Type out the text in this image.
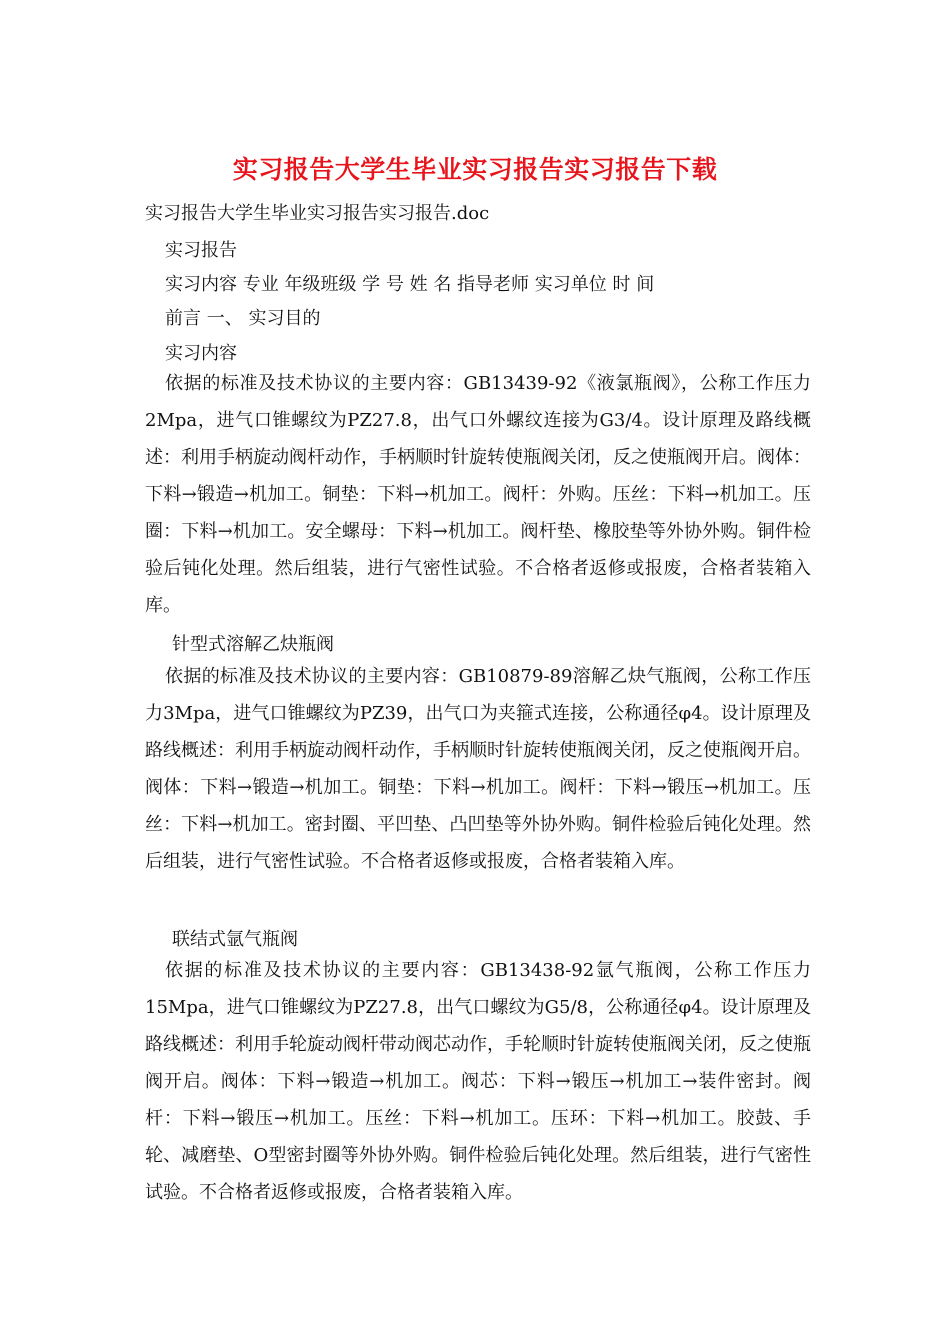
实习报告大学生毕业实习报告实习报告下载
实习报告大学生毕业实习报告实习报告.doc
实习报告
实习内容 专业 年级班级 学 号 姓 名 指导老师 实习单位 时 间
前言 一、 实习目的
实习内容
依据的标准及技术协议的主要内容：GB13439-92《液氯瓶阀》，公称工作压力2Mpa，进气口锥螺纹为PZ27.8，出气口外螺纹连接为G3/4。设计原理及路线概述：利用手柄旋动阀杆动作，手柄顺时针旋转使瓶阀关闭，反之使瓶阀开启。阀体：下料→锻造→机加工。铜垫：下料→机加工。阀杆：外购。压丝：下料→机加工。压圈：下料→机加工。安全螺母：下料→机加工。阀杆垫、橡胶垫等外协外购。铜件检验后钝化处理。然后组装，进行气密性试验。不合格者返修或报废，合格者装箱入库。
针型式溶解乙炔瓶阀
依据的标准及技术协议的主要内容：GB10879-89溶解乙炔气瓶阀，公称工作压力3Mpa，进气口锥螺纹为PZ39，出气口为夹箍式连接，公称通径φ4。设计原理及路线概述：利用手柄旋动阀杆动作，手柄顺时针旋转使瓶阀关闭，反之使瓶阀开启。阀体：下料→锻造→机加工。铜垫：下料→机加工。阀杆：下料→锻压→机加工。压丝：下料→机加工。密封圈、平凹垫、凸凹垫等外协外购。铜件检验后钝化处理。然后组装，进行气密性试验。不合格者返修或报废，合格者装箱入库。
联结式氩气瓶阀
依据的标准及技术协议的主要内容：GB13438-92氩气瓶阀，公称工作压力15Mpa，进气口锥螺纹为PZ27.8，出气口螺纹为G5/8，公称通径φ4。设计原理及路线概述：利用手轮旋动阀杆带动阀芯动作，手轮顺时针旋转使瓶阀关闭，反之使瓶阀开启。阀体：下料→锻造→机加工。阀芯：下料→锻压→机加工→装件密封。阀杆：下料→锻压→机加工。压丝：下料→机加工。压环：下料→机加工。胶鼓、手轮、减磨垫、O型密封圈等外协外购。铜件检验后钝化处理。然后组装，进行气密性试验。不合格者返修或报废，合格者装箱入库。
